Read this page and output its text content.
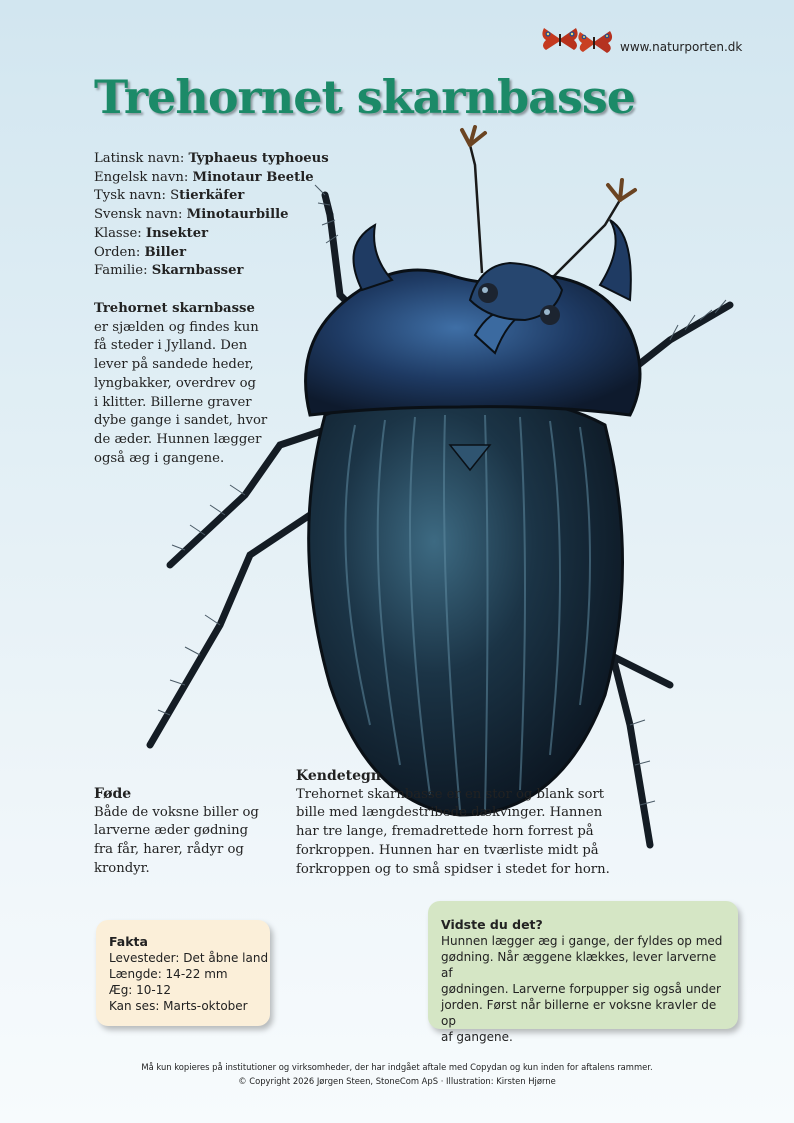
www.naturporten.dk
Trehornet skarnbasse
Latinsk navn: Typhaeus typhoeus
Engelsk navn: Minotaur Beetle
Tysk navn: Stierkäfer
Svensk navn: Minotaurbille
Klasse: Insekter
Orden: Biller
Familie: Skarnbasser
Trehornet skarnbasse

er sjælden og findes kun

få steder i Jylland. Den

lever på sandede heder,

lyngbakker, overdrev og

i klitter. Billerne graver

dybe gange i sandet, hvor

de æder. Hunnen lægger

også æg i gangene.

Føde

Både de voksne biller og

larverne æder gødning

fra får, harer, rådyr og

krondyr.

Kendetegn

Trehornet skarnbasse er en stor og blank sort

bille med længdestribede dækvinger. Hannen

har tre lange, fremadrettede horn forrest på

forkroppen. Hunnen har en tværliste midt på

forkroppen og to små spidser i stedet for horn.

Fakta
Levesteder: Det åbne land
Længde: 14-22 mm
Æg: 10-12
Kan ses: Marts-oktober
Vidste du det?

Hunnen lægger æg i gange, der fyldes op med

gødning. Når æggene klækkes, lever larverne af

gødningen. Larverne forpupper sig også under

jorden. Først når billerne er voksne kravler de op

af gangene.

Må kun kopieres på institutioner og virksomheder, der har indgået aftale med Copydan og kun inden for aftalens rammer.
© Copyright 2026 Jørgen Steen, StoneCom ApS · Illustration: Kirsten Hjørne
